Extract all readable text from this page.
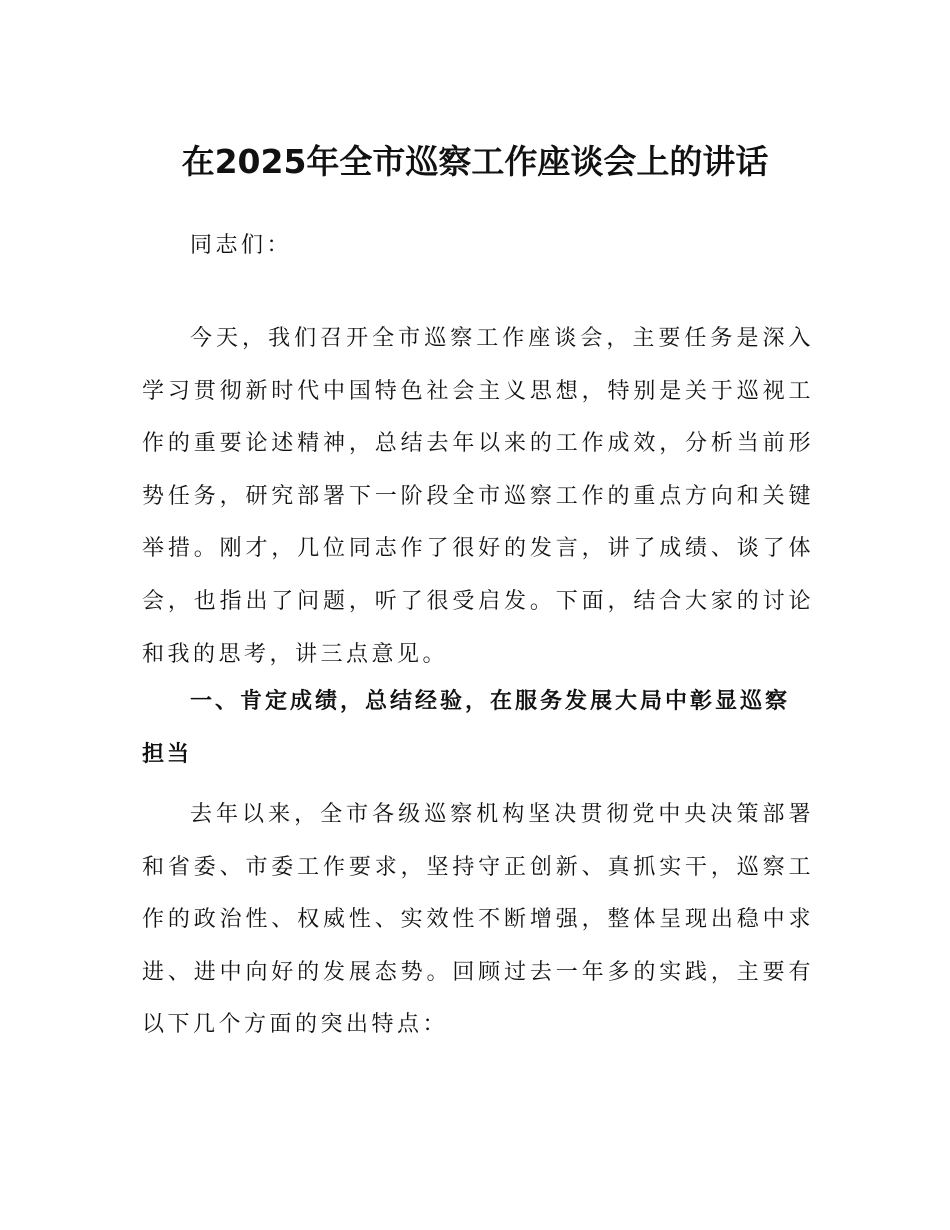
在2025年全市巡察工作座谈会上的讲话

同志们：

今天，我们召开全市巡察工作座谈会，主要任务是深入学习贯彻新时代中国特色社会主义思想，特别是关于巡视工作的重要论述精神，总结去年以来的工作成效，分析当前形势任务，研究部署下一阶段全市巡察工作的重点方向和关键举措。刚才，几位同志作了很好的发言，讲了成绩、谈了体会，也指出了问题，听了很受启发。下面，结合大家的讨论和我的思考，讲三点意见。

一、肯定成绩，总结经验，在服务发展大局中彰显巡察担当

去年以来，全市各级巡察机构坚决贯彻党中央决策部署和省委、市委工作要求，坚持守正创新、真抓实干，巡察工作的政治性、权威性、实效性不断增强，整体呈现出稳中求进、进中向好的发展态势。回顾过去一年多的实践，主要有以下几个方面的突出特点：
